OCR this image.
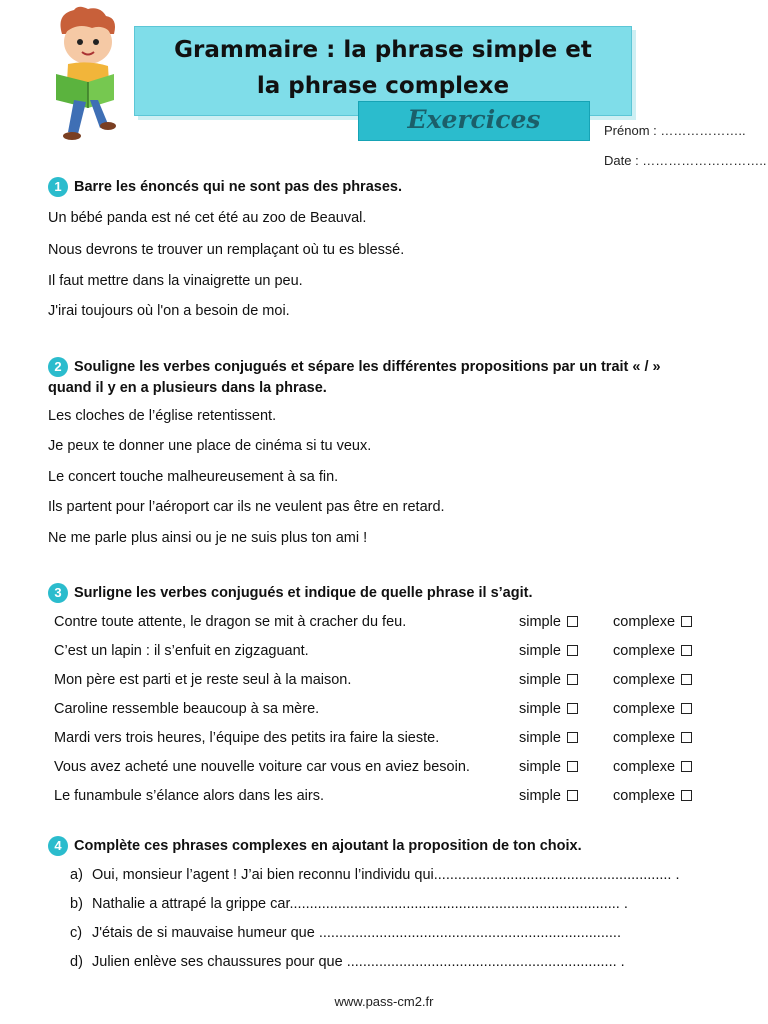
Grammaire : la phrase simple et
la phrase complexe
Exercices	Prénom : ………………..
Date : ………………………..
1 Barre les énoncés qui ne sont pas des phrases.
Un bébé panda est né cet été au zoo de Beauval.
Nous devrons te trouver un remplaçant où tu es blessé.
Il faut mettre dans la vinaigrette un peu.
J'irai toujours où l'on a besoin de moi.
2 Souligne les verbes conjugués et sépare les différentes propositions par un trait « / »
quand il y en a plusieurs dans la phrase.
Les cloches de l’église retentissent.
Je peux te donner une place de cinéma si tu veux.
Le concert touche malheureusement à sa fin.
Ils partent pour l’aéroport car ils ne veulent pas être en retard.
Ne me parle plus ainsi ou je ne suis plus ton ami !
3 Surligne les verbes conjugués et indique de quelle phrase il s’agit.
Contre toute attente, le dragon se mit à cracher du feu.	simple	complexe
C’est un lapin : il s’enfuit en zigzaguant.	simple	complexe
Mon père est parti et je reste seul à la maison.	simple	complexe
Caroline ressemble beaucoup à sa mère.	simple	complexe
Mardi vers trois heures, l’équipe des petits ira faire la sieste.	simple	complexe
Vous avez acheté une nouvelle voiture car vous en aviez besoin.	simple	complexe
Le funambule s’élance alors dans les airs.	simple	complexe
4 Complète ces phrases complexes en ajoutant la proposition de ton choix.
a) Oui, monsieur l’agent ! J’ai bien reconnu l’individu qui........................................................... .
b) Nathalie a attrapé la grippe car.................................................................................. .
c) J'étais de si mauvaise humeur que ...........................................................................
d) Julien enlève ses chaussures pour que ................................................................... .
www.pass-cm2.fr
